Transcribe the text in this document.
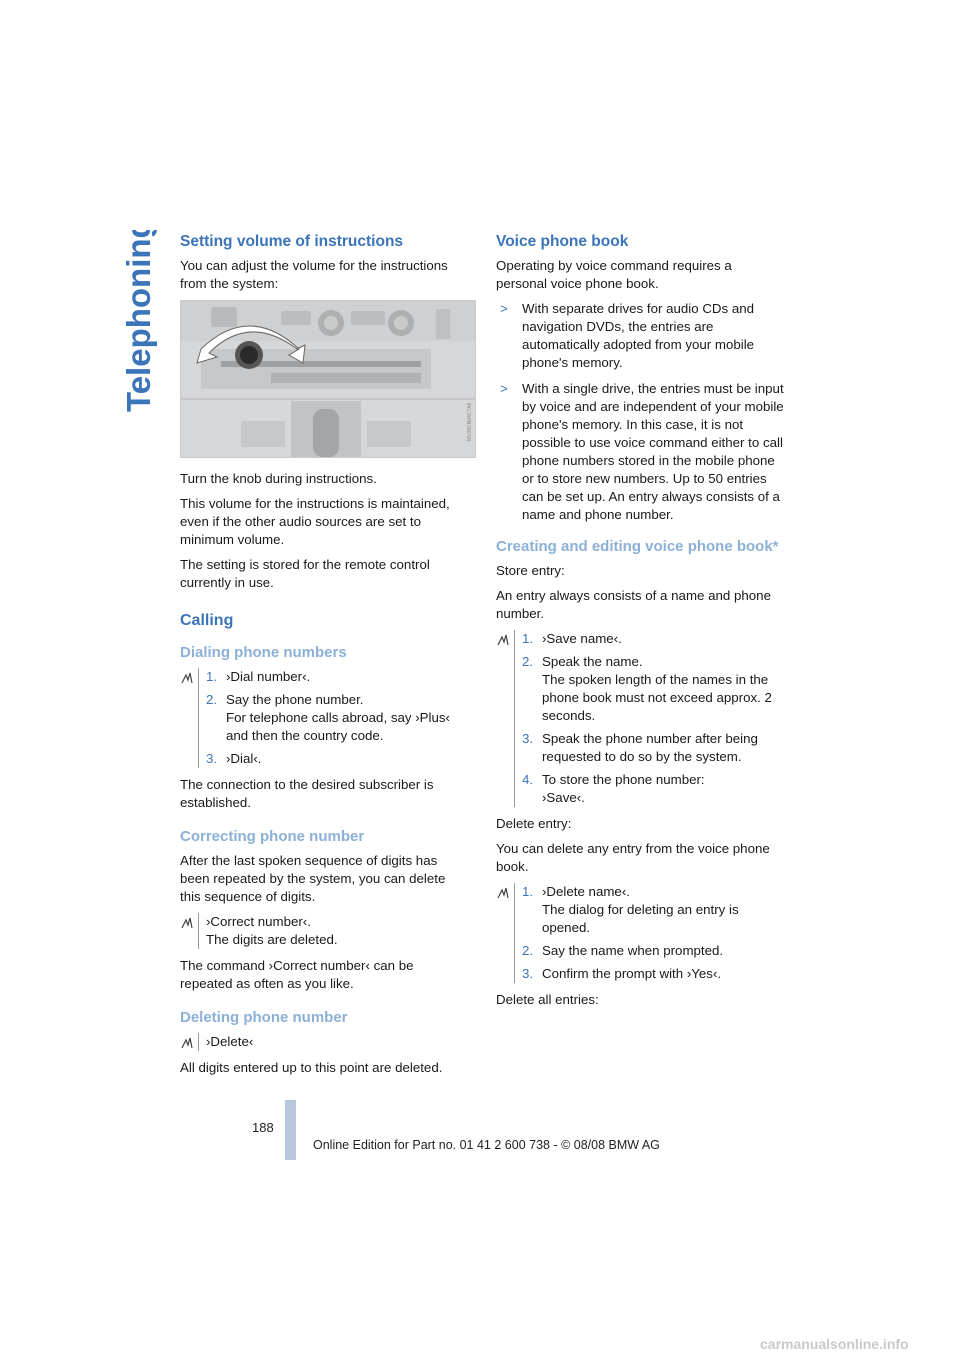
Telephoning Setting volume of instructions

You can adjust the volume for the instructions from the system:

MV08CN04C7A6

Turn the knob during instructions.

This volume for the instructions is maintained, even if the other audio sources are set to minimum volume.

The setting is stored for the remote control currently in use.

Calling
Dialing phone numbers
1. ›Dial number‹.
2. Say the phone number.
For telephone calls abroad, say ›Plus‹ and then the country code.
3. ›Dial‹.

The connection to the desired subscriber is established.

Correcting phone number

After the last spoken sequence of digits has been repeated by the system, you can delete this sequence of digits.

›Correct number‹.
The digits are deleted.

The command ›Correct number‹ can be repeated as often as you like.

Deleting phone number
›Delete‹

All digits entered up to this point are deleted.

Voice phone book

Operating by voice command requires a personal voice phone book.

>	With separate drives for audio CDs and navigation DVDs, the entries are automatically adopted from your mobile phone's memory.
>	With a single drive, the entries must be input by voice and are independent of your mobile phone's memory. In this case, it is not possible to use voice command either to call phone numbers stored in the mobile phone or to store new numbers. Up to 50 entries can be set up. An entry always consists of a name and phone number.
Creating and editing voice phone book*

Store entry:

An entry always consists of a name and phone number.

1. ›Save name‹.
2. Speak the name.
The spoken length of the names in the phone book must not exceed approx. 2 seconds.
3. Speak the phone number after being requested to do so by the system.
4. To store the phone number:
›Save‹.

Delete entry:

You can delete any entry from the voice phone book.

1. ›Delete name‹.
The dialog for deleting an entry is opened.
2. Say the name when prompted.
3. Confirm the prompt with ›Yes‹.

Delete all entries:

188
Online Edition for Part no. 01 41 2 600 738 - © 08/08 BMW AG
carmanualsonline.info
